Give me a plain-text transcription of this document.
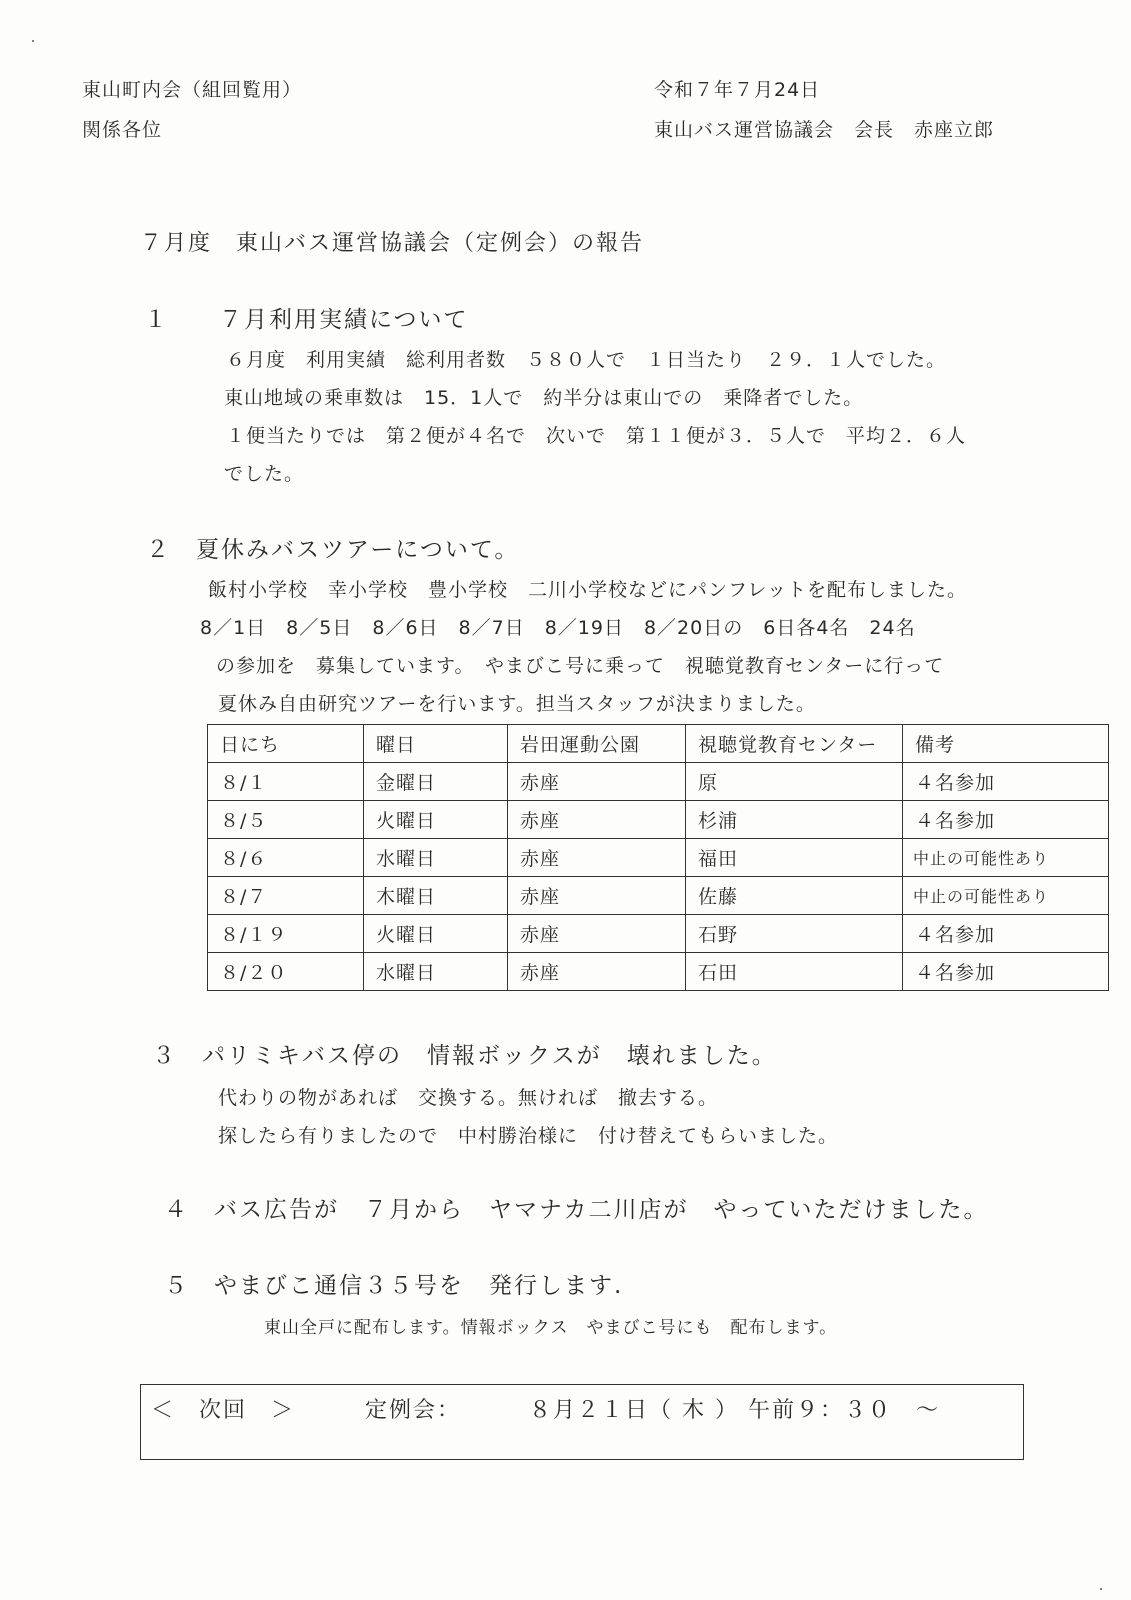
東山町内会（組回覧用）

関係各位

令和７年７月24日

東山バス運営協議会　会長　赤座立郎

７月度　東山バス運営協議会（定例会）の報告

１　　７月利用実績について

６月度　利用実績　総利用者数　５８０人で　１日当たり　２９．１人でした。

東山地域の乗車数は　15．1人で　約半分は東山での　乗降者でした。

１便当たりでは　第２便が４名で　次いで　第１１便が３．５人で　平均２．６人

でした。

２　夏休みバスツアーについて。

飯村小学校　幸小学校　豊小学校　二川小学校などにパンフレットを配布しました。

8／1日　8／5日　8／6日　8／7日　8／19日　8／20日の　6日各4名　24名

の参加を　募集しています。　やまびこ号に乗って　視聴覚教育センターに行って

夏休み自由研究ツアーを行います。担当スタッフが決まりました。

日にち	曜日	岩田運動公園	視聴覚教育センター	備考
８/１	金曜日	赤座	原	４名参加
８/５	火曜日	赤座	杉浦	４名参加
８/６	水曜日	赤座	福田	中止の可能性あり
８/７	木曜日	赤座	佐藤	中止の可能性あり
８/１９	火曜日	赤座	石野	４名参加
８/２０	水曜日	赤座	石田	４名参加

３　パリミキバス停の　情報ボックスが　壊れました。

代わりの物があれば　交換する。無ければ　撤去する。

探したら有りましたので　中村勝治様に　付け替えてもらいました。

４　バス広告が　７月から　ヤマナカ二川店が　やっていただけました。

５　やまびこ通信３５号を　発行します.

東山全戸に配布します。情報ボックス　やまびこ号にも　配布します。

＜　次回　＞	定例会：	８月２１日（ 木 ） 午前９：３０　～
